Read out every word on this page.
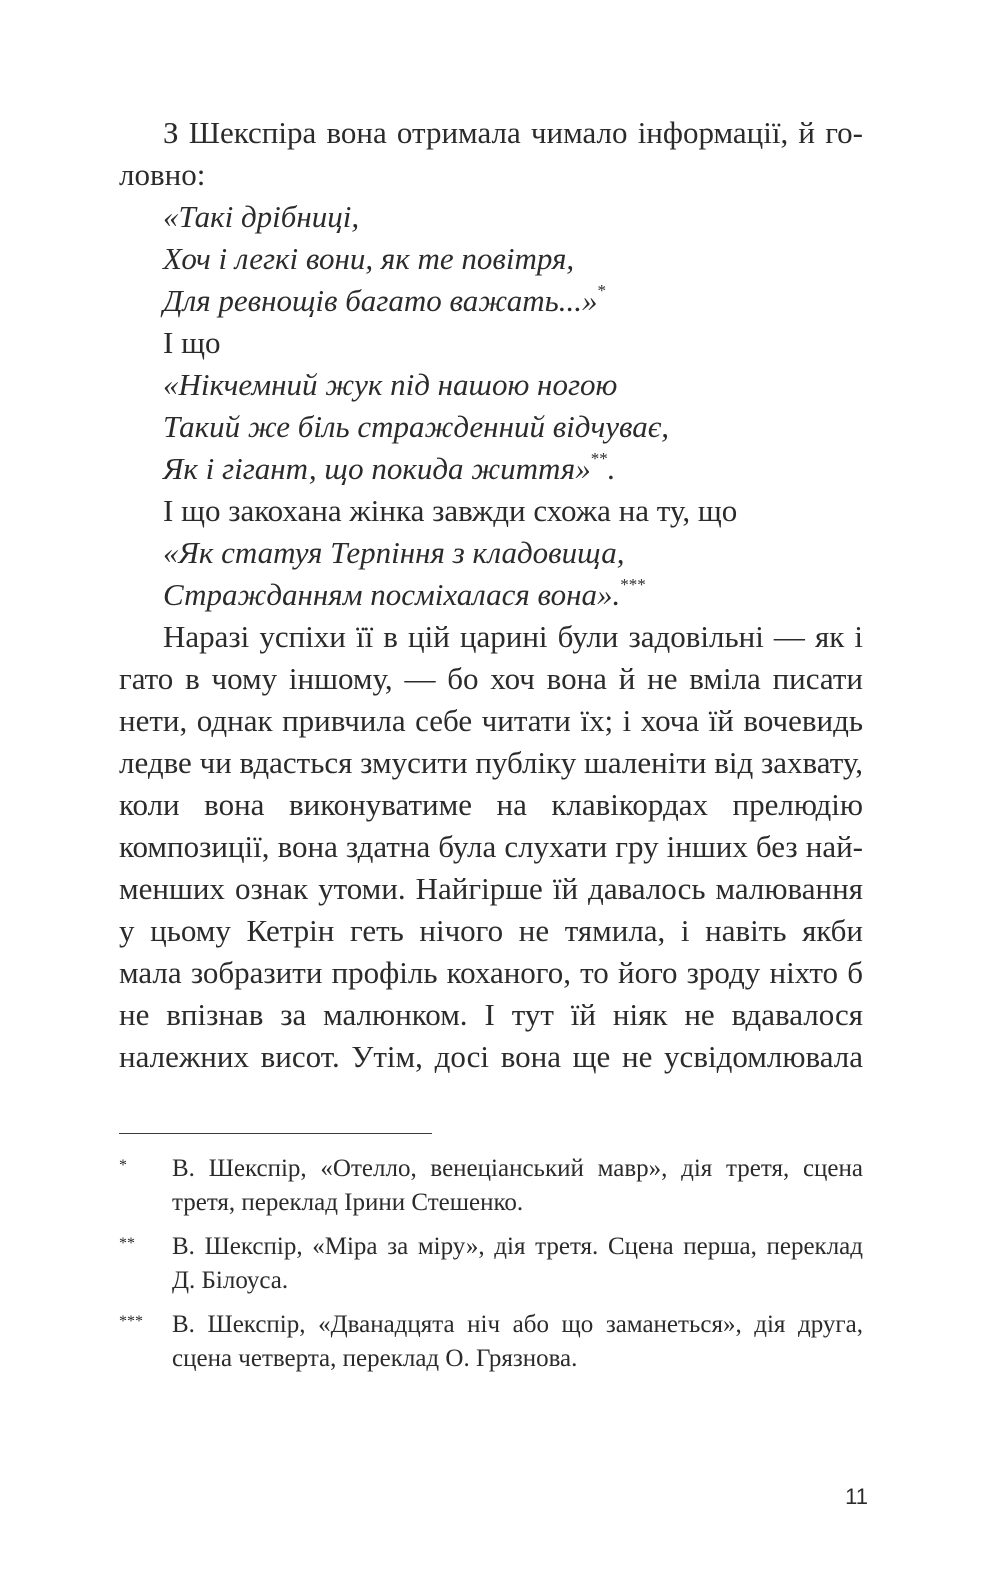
З Шекспіра вона отримала чимало інформації, й го-
ловно:
«Такі дрібниці,
Хоч і легкі вони, як те повітря,
Для ревнощів багато важать...»*
І що
«Нікчемний жук під нашою ногою
Такий же біль стражденний відчуває,
Як і гігант, що покида життя»**.
І що закохана жінка завжди схожа на ту, що
«Як статуя Терпіння з кладовища,
Стражданням посміхалася вона».***
Наразі успіхи її в цій царині були задовільні — як і
гато в чому іншому, — бо хоч вона й не вміла писати
нети, однак привчила себе читати їх; і хоча їй вочевидь
ледве чи вдасться змусити публіку шаленіти від захвату,
коли вона виконуватиме на клавікордах прелюдію
композиції, вона здатна була слухати гру інших без най-
менших ознак утоми. Найгірше їй давалось малювання
у цьому Кетрін геть нічого не тямила, і навіть якби
мала зобразити профіль коханого, то його зроду ніхто б
не впізнав за малюнком. І тут їй ніяк не вдавалося
належних висот. Утім, досі вона ще не усвідомлювала
* В. Шекспір, «Отелло, венеціанський мавр», дія третя, сцена
третя, переклад Ірини Стешенко.
** В. Шекспір, «Міра за міру», дія третя. Сцена перша, переклад
Д. Білоуса.
*** В. Шекспір, «Дванадцята ніч або що заманеться», дія друга,
сцена четверта, переклад О. Грязнова.
11
